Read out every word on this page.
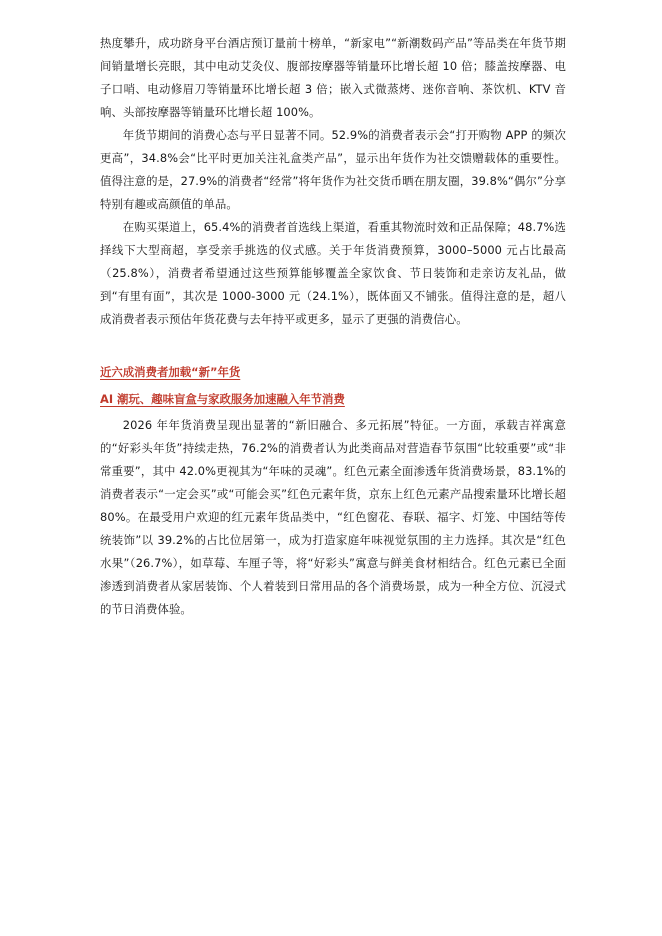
热度攀升，成功跻身平台酒店预订量前十榜单，“新家电”“新潮数码产品”等品类在年货节期间销量增长亮眼，其中电动艾灸仪、腹部按摩器等销量环比增长超 10 倍；膝盖按摩器、电子口哨、电动修眉刀等销量环比增长超 3 倍；嵌入式微蒸烤、迷你音响、茶饮机、KTV 音响、头部按摩器等销量环比增长超 100%。

年货节期间的消费心态与平日显著不同。52.9%的消费者表示会“打开购物 APP 的频次更高”，34.8%会“比平时更加关注礼盒类产品”，显示出年货作为社交馈赠载体的重要性。值得注意的是，27.9%的消费者“经常”将年货作为社交货币晒在朋友圈，39.8%“偶尔”分享特别有趣或高颜值的单品。

在购买渠道上，65.4%的消费者首选线上渠道，看重其物流时效和正品保障；48.7%选择线下大型商超，享受亲手挑选的仪式感。关于年货消费预算，3000–5000 元占比最高（25.8%），消费者希望通过这些预算能够覆盖全家饮食、节日装饰和走亲访友礼品，做到“有里有面”，其次是 1000-3000 元（24.1%），既体面又不铺张。值得注意的是，超八成消费者表示预估年货花费与去年持平或更多，显示了更强的消费信心。

近六成消费者加载“新”年货
AI 潮玩、趣味盲盒与家政服务加速融入年节消费

2026 年年货消费呈现出显著的“新旧融合、多元拓展”特征。一方面，承载吉祥寓意的“好彩头年货”持续走热，76.2%的消费者认为此类商品对营造春节氛围“比较重要”或“非常重要”，其中 42.0%更视其为“年味的灵魂”。红色元素全面渗透年货消费场景，83.1%的消费者表示“一定会买”或“可能会买”红色元素年货，京东上红色元素产品搜索量环比增长超 80%。在最受用户欢迎的红元素年货品类中，“红色窗花、春联、福字、灯笼、中国结等传统装饰”以 39.2%的占比位居第一，成为打造家庭年味视觉氛围的主力选择。其次是“红色水果”（26.7%），如草莓、车厘子等，将“好彩头”寓意与鲜美食材相结合。红色元素已全面渗透到消费者从家居装饰、个人着装到日常用品的各个消费场景，成为一种全方位、沉浸式的节日消费体验。
